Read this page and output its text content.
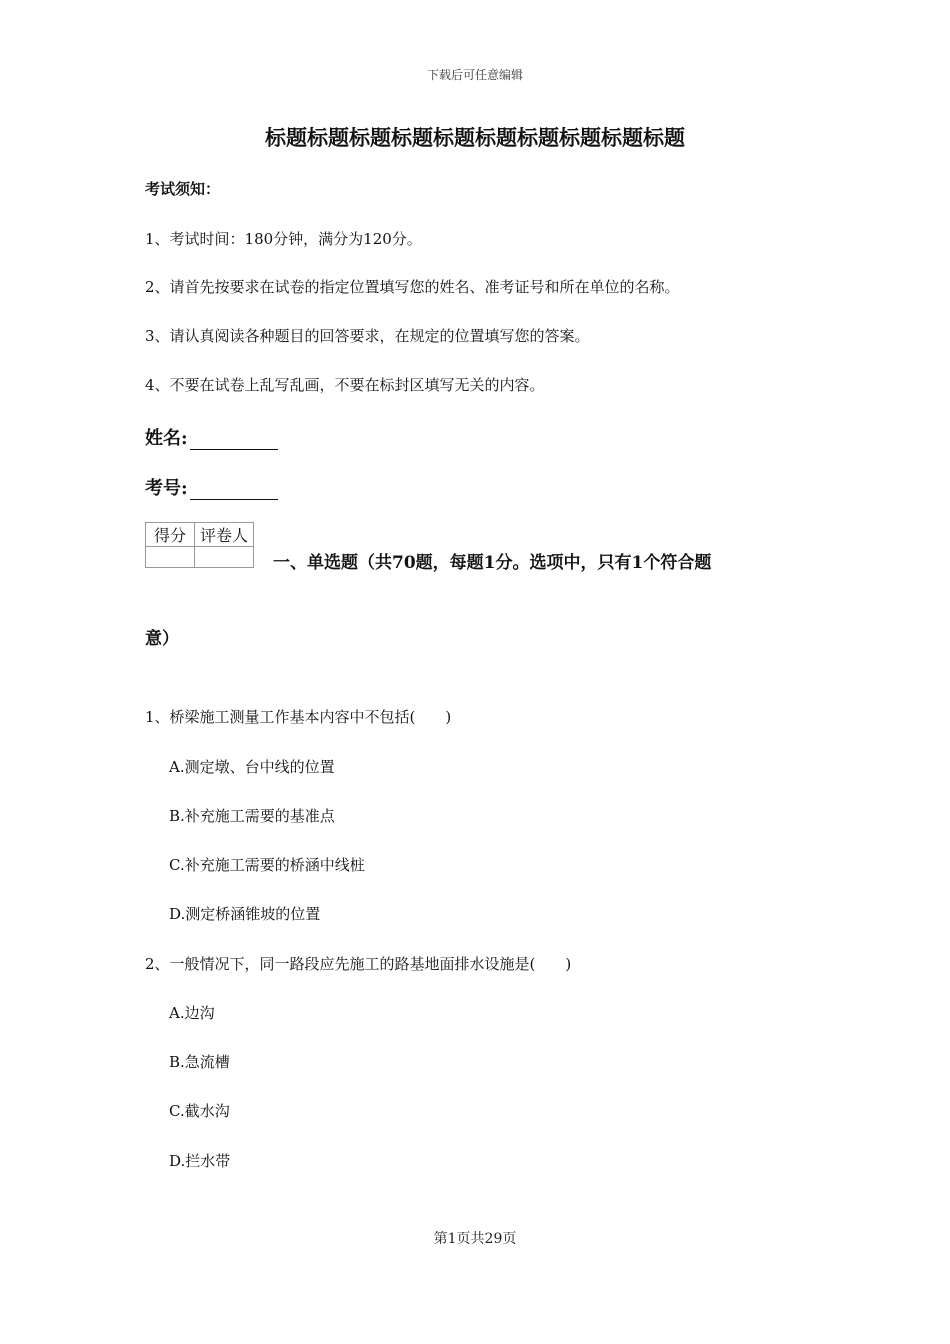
下载后可任意编辑
标题标题标题标题标题标题标题标题标题标题
考试须知：
1、考试时间：180分钟，满分为120分。
2、请首先按要求在试卷的指定位置填写您的姓名、准考证号和所在单位的名称。
3、请认真阅读各种题目的回答要求，在规定的位置填写您的答案。
4、不要在试卷上乱写乱画，不要在标封区填写无关的内容。
姓名:
考号:
得分	评卷人

一、单选题（共70题，每题1分。选项中，只有1个符合题
意）
1、桥梁施工测量工作基本内容中不包括(　　)
A.测定墩、台中线的位置
B.补充施工需要的基准点
C.补充施工需要的桥涵中线桩
D.测定桥涵锥坡的位置
2、一般情况下，同一路段应先施工的路基地面排水设施是(　　)
A.边沟
B.急流槽
C.截水沟
D.拦水带
第1页共29页
